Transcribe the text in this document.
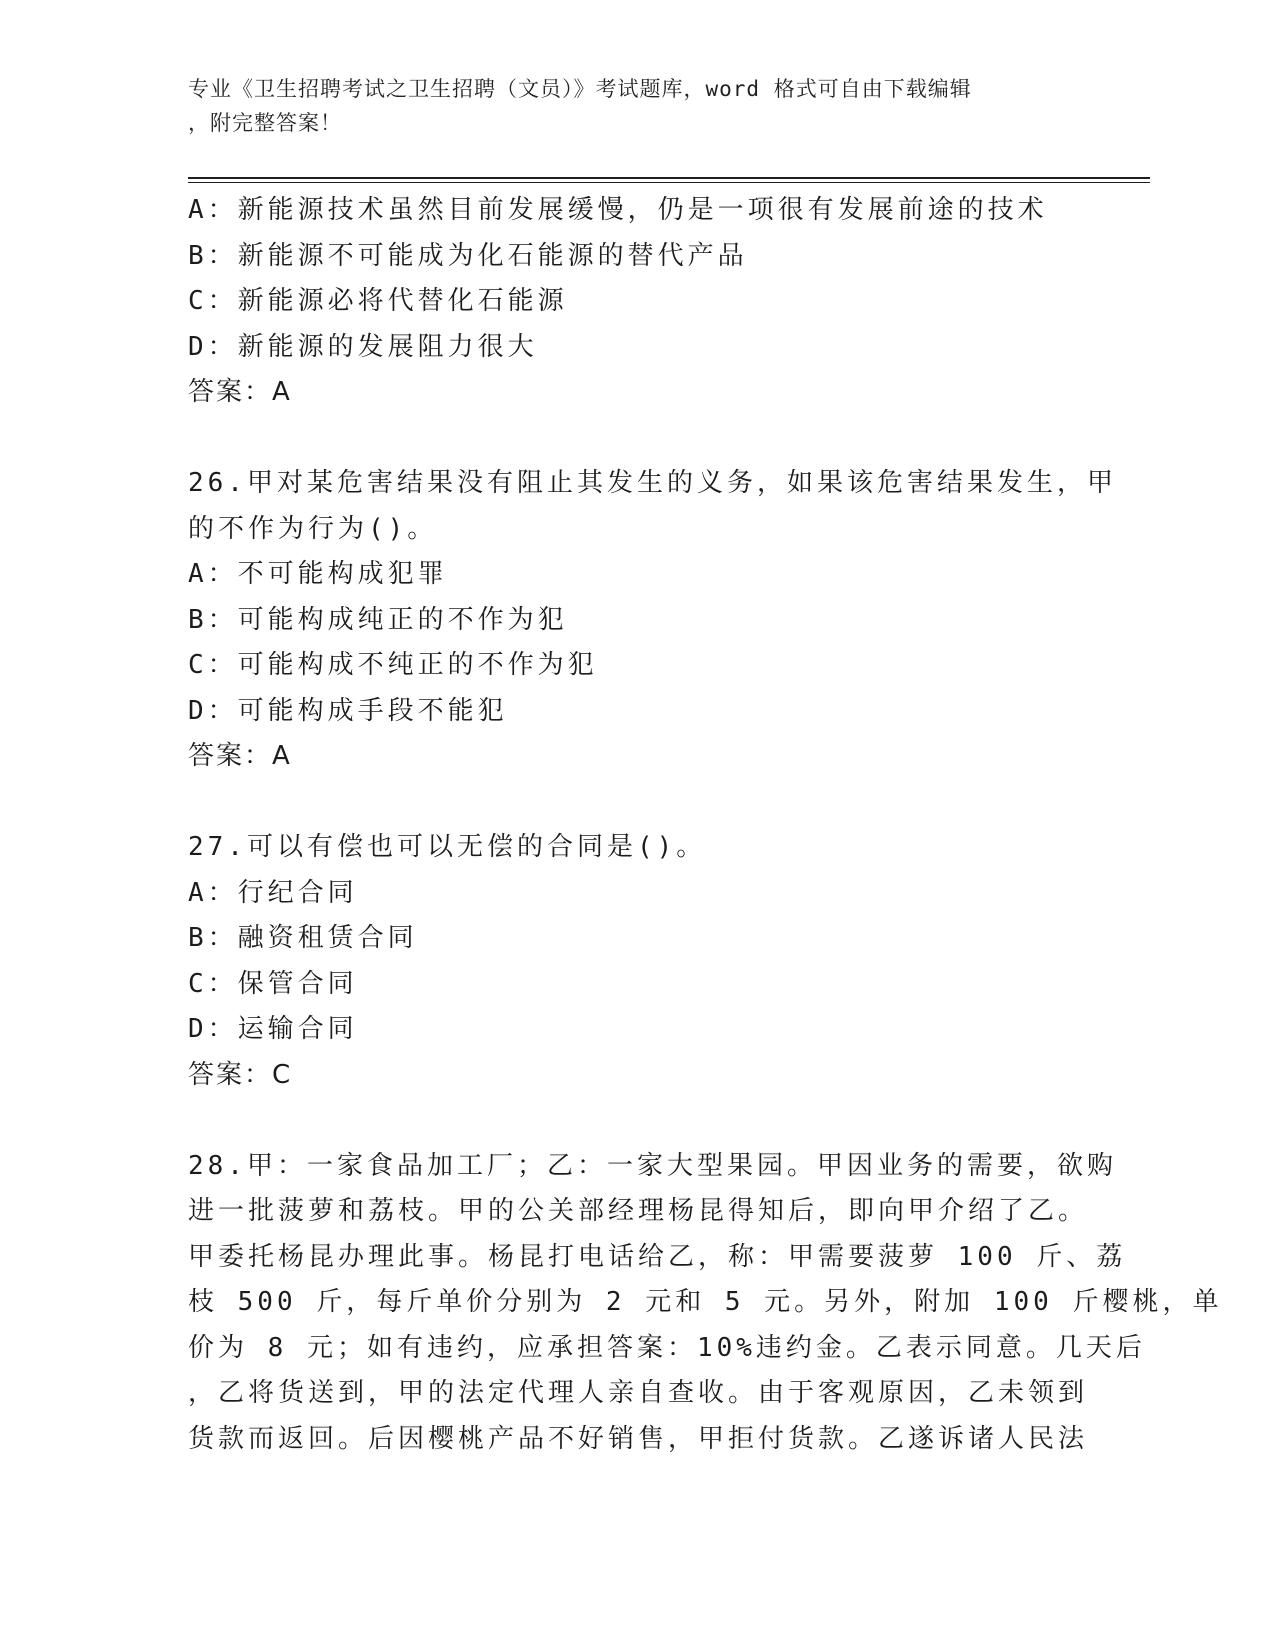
专业《卫生招聘考试之卫生招聘（文员）》考试题库，word 格式可自由下载编辑
，附完整答案！
A：新能源技术虽然目前发展缓慢，仍是一项很有发展前途的技术
B：新能源不可能成为化石能源的替代产品
C：新能源必将代替化石能源
D：新能源的发展阻力很大
答案：A
26.甲对某危害结果没有阻止其发生的义务，如果该危害结果发生，甲
的不作为行为()。
A：不可能构成犯罪
B：可能构成纯正的不作为犯
C：可能构成不纯正的不作为犯
D：可能构成手段不能犯
答案：A
27.可以有偿也可以无偿的合同是()。
A：行纪合同
B：融资租赁合同
C：保管合同
D：运输合同
答案：C
28.甲：一家食品加工厂；乙：一家大型果园。甲因业务的需要，欲购
进一批菠萝和荔枝。甲的公关部经理杨昆得知后，即向甲介绍了乙。
甲委托杨昆办理此事。杨昆打电话给乙，称：甲需要菠萝 100 斤、荔
枝 500 斤，每斤单价分别为 2 元和 5 元。另外，附加 100 斤樱桃，单
价为 8 元；如有违约，应承担答案：10%违约金。乙表示同意。几天后
，乙将货送到，甲的法定代理人亲自查收。由于客观原因，乙未领到
货款而返回。后因樱桃产品不好销售，甲拒付货款。乙遂诉诸人民法
